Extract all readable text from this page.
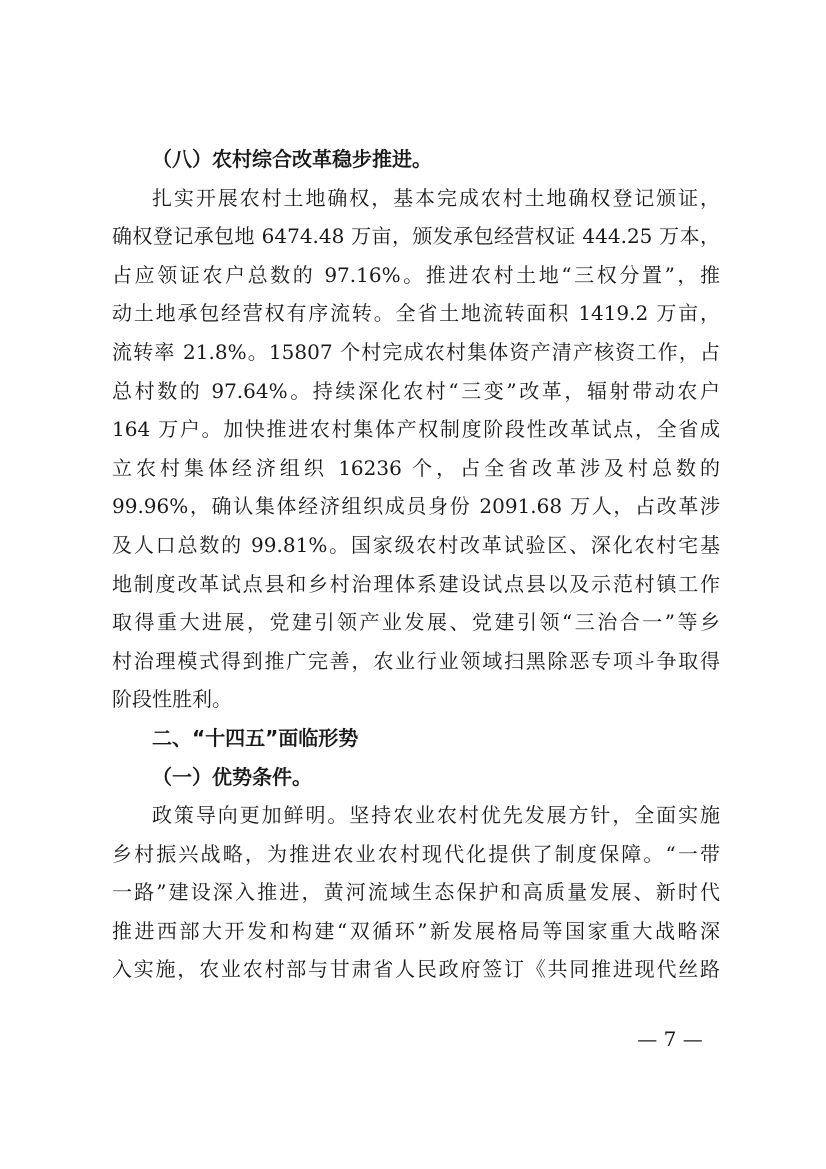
（八）农村综合改革稳步推进。
扎实开展农村土地确权，基本完成农村土地确权登记颁证，
确权登记承包地 6474.48 万亩，颁发承包经营权证 444.25 万本，
占应领证农户总数的 97.16%。推进农村土地“三权分置”，推
动土地承包经营权有序流转。全省土地流转面积 1419.2 万亩，
流转率 21.8%。15807 个村完成农村集体资产清产核资工作，占
总村数的 97.64%。持续深化农村“三变”改革，辐射带动农户
164 万户。加快推进农村集体产权制度阶段性改革试点，全省成
立农村集体经济组织 16236 个，占全省改革涉及村总数的
99.96%，确认集体经济组织成员身份 2091.68 万人，占改革涉
及人口总数的 99.81%。国家级农村改革试验区、深化农村宅基
地制度改革试点县和乡村治理体系建设试点县以及示范村镇工作
取得重大进展，党建引领产业发展、党建引领“三治合一”等乡
村治理模式得到推广完善，农业行业领域扫黑除恶专项斗争取得
阶段性胜利。
二、“十四五”面临形势
（一）优势条件。
政策导向更加鲜明。坚持农业农村优先发展方针，全面实施
乡村振兴战略，为推进农业农村现代化提供了制度保障。“一带
一路”建设深入推进，黄河流域生态保护和高质量发展、新时代
推进西部大开发和构建“双循环”新发展格局等国家重大战略深
入实施，农业农村部与甘肃省人民政府签订《共同推进现代丝路
— 7 —
